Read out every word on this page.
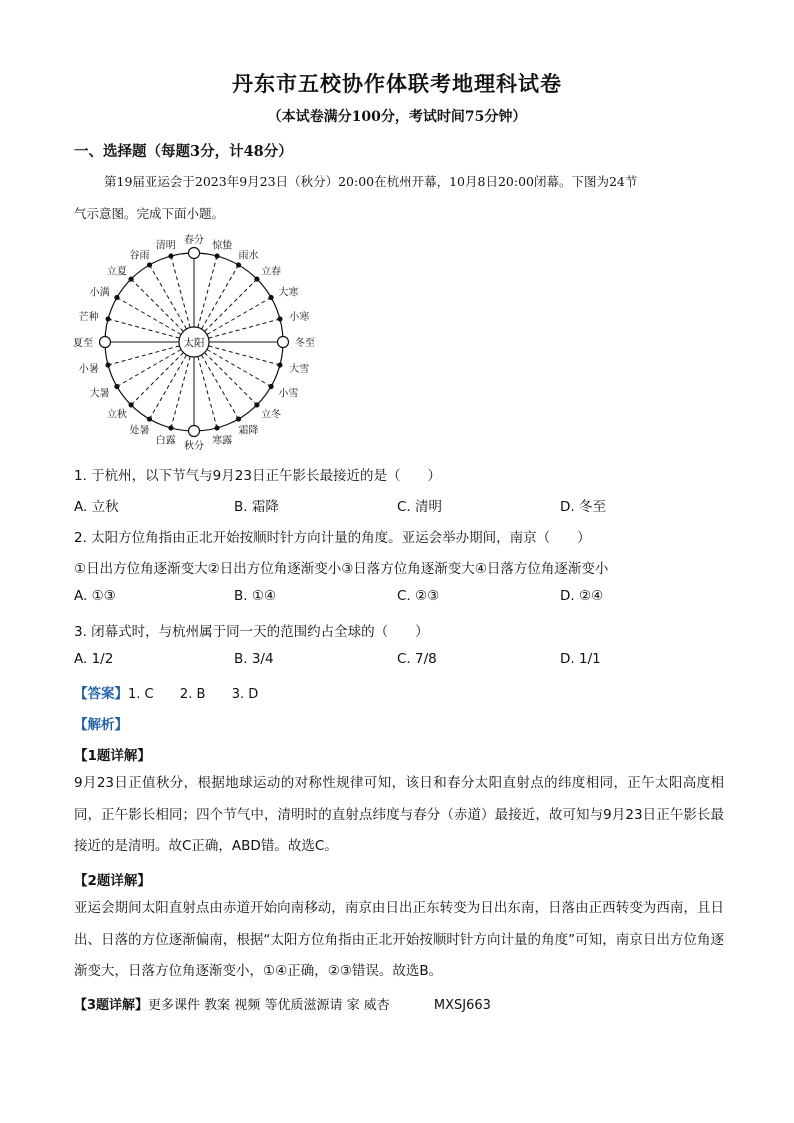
丹东市五校协作体联考地理科试卷
（本试卷满分100分，考试时间75分钟）
一、选择题（每题3分，计48分）
第19届亚运会于2023年9月23日（秋分）20:00在杭州开幕，10月8日20:00闭幕。下图为24节
气示意图。完成下面小题。
春分 惊蛰
雨水
立春
大寒
小寒
冬至
大雪
小雪
立冬
霜降
寒露
秋分
白露
处暑
立秋
大暑
小暑
夏至
芒种
小满
立夏
谷雨
清明
太阳
1. 于杭州，以下节气与9月23日正午影长最接近的是（　　）
A. 立秋	B. 霜降	C. 清明	D. 冬至
2. 太阳方位角指由正北开始按顺时针方向计量的角度。亚运会举办期间，南京（　　）
①日出方位角逐渐变大②日出方位角逐渐变小③日落方位角逐渐变大④日落方位角逐渐变小
A. ①③	B. ①④	C. ②③	D. ②④
3. 闭幕式时，与杭州属于同一天的范围约占全球的（　　）
A. 1/2	B. 3/4	C. 7/8	D. 1/1
【答案】1. C 2. B 3. D
【解析】
【1题详解】
9月23日正值秋分，根据地球运动的对称性规律可知，该日和春分太阳直射点的纬度相同，正午太阳高度相同，正午影长相同；四个节气中，清明时的直射点纬度与春分（赤道）最接近，故可知与9月23日正午影长最接近的是清明。故C正确，ABD错。故选C。
【2题详解】
亚运会期间太阳直射点由赤道开始向南移动，南京由日出正东转变为日出东南，日落由正西转变为西南，且日出、日落的方位逐渐偏南，根据“太阳方位角指由正北开始按顺时针方向计量的角度”可知，南京日出方位角逐渐变大，日落方位角逐渐变小，①④正确，②③错误。故选B。
【3题详解】更多课件 教案 视频 等优质滋源请 家 威杏	MXSJ663
